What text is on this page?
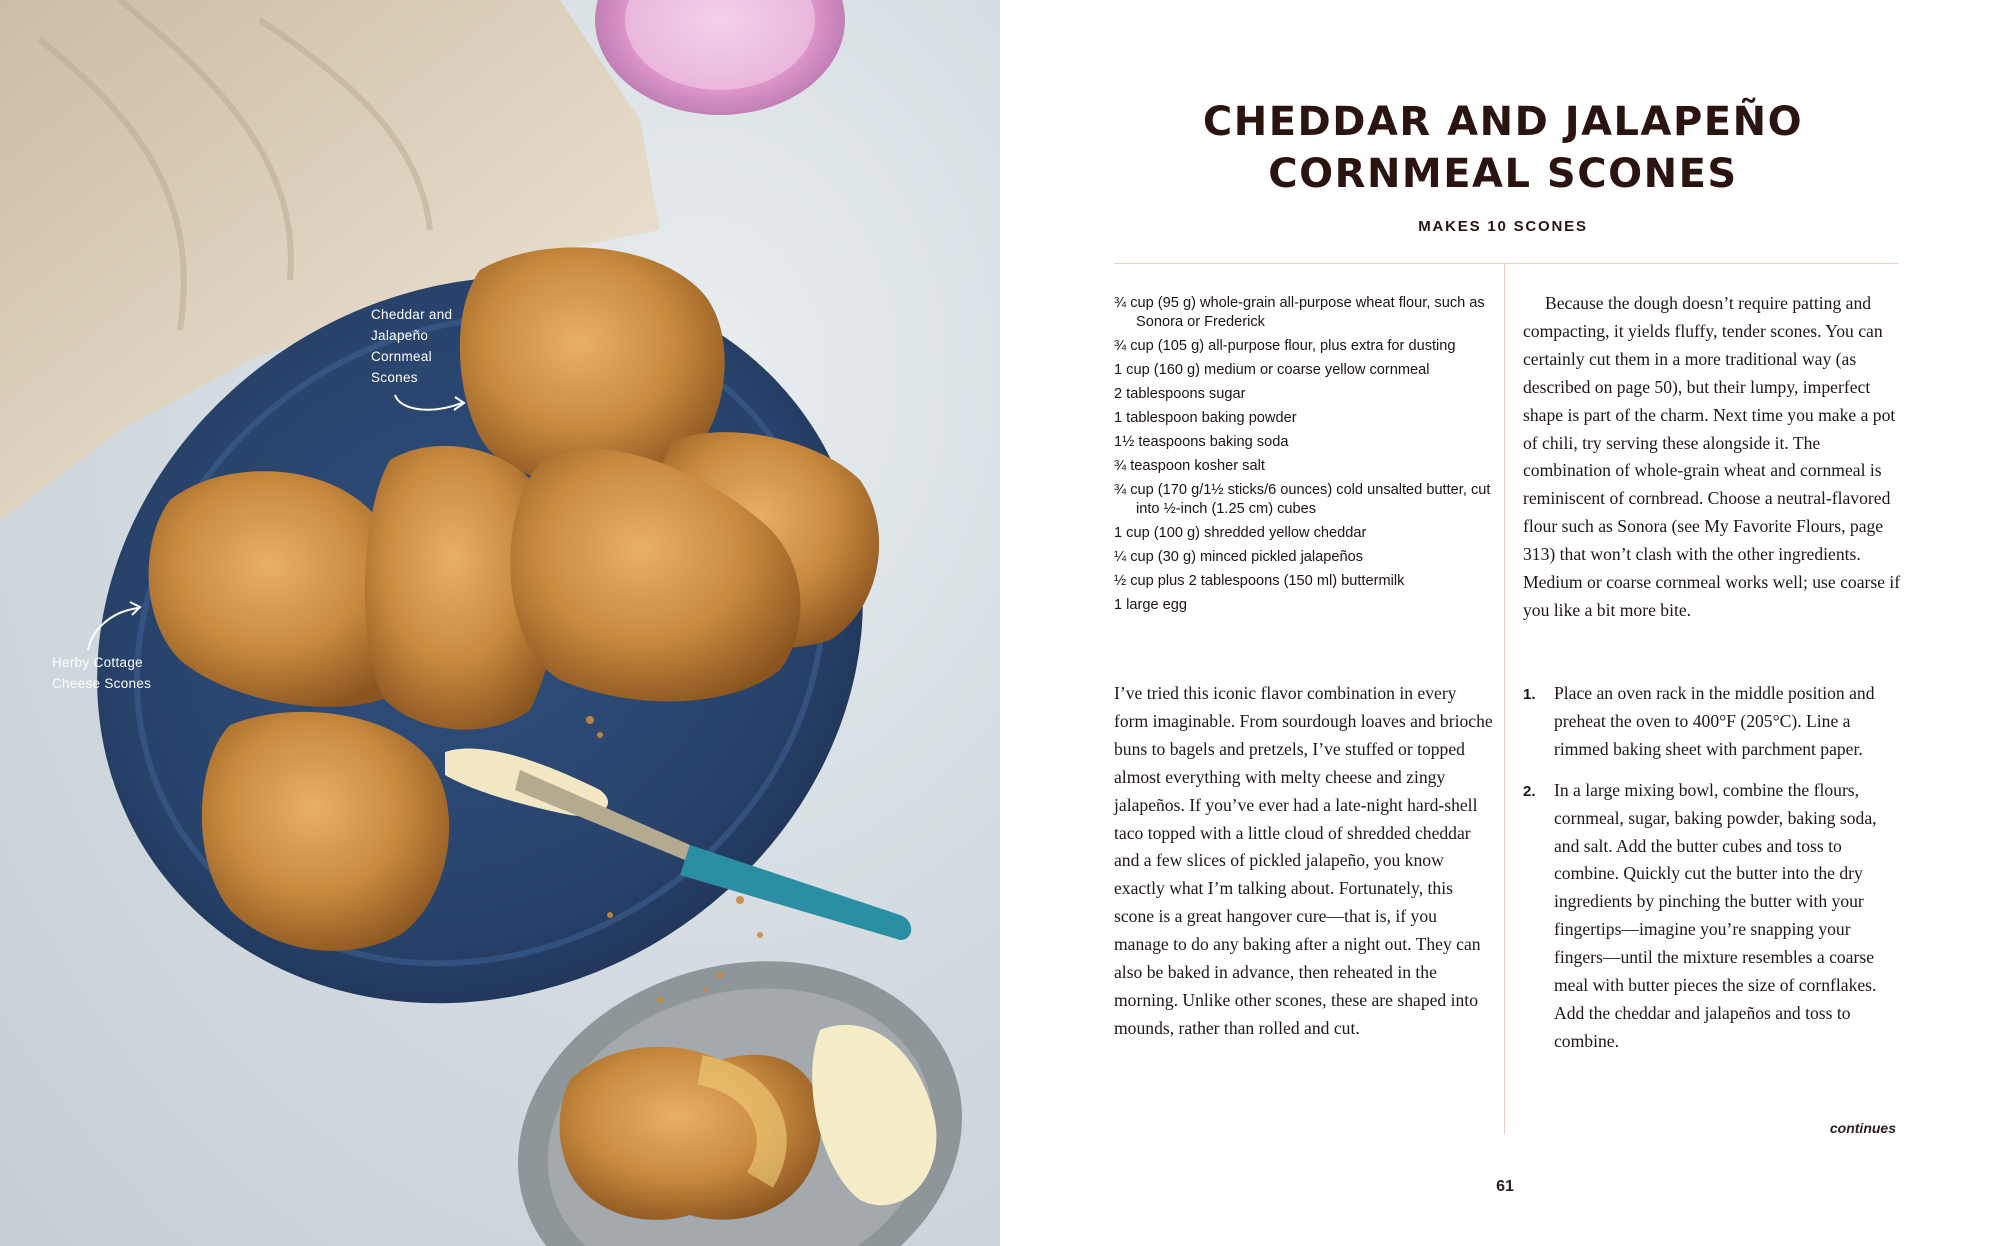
Cheddar and
Jalapeño
Cornmeal
Scones
Herby Cottage
Cheese Scones
CHEDDAR AND JALAPEÑO
CORNMEAL SCONES
MAKES 10 SCONES
¾ cup (95 g) whole-grain all-purpose wheat flour, such as Sonora or Frederick
¾ cup (105 g) all-purpose flour, plus extra for dusting
1 cup (160 g) medium or coarse yellow cornmeal
2 tablespoons sugar
1 tablespoon baking powder
1½ teaspoons baking soda
¾ teaspoon kosher salt
¾ cup (170 g/1½ sticks/6 ounces) cold unsalted butter, cut into ½-inch (1.25 cm) cubes
1 cup (100 g) shredded yellow cheddar
¼ cup (30 g) minced pickled jalapeños
½ cup plus 2 tablespoons (150 ml) buttermilk
1 large egg

I’ve tried this iconic flavor combination in every form imaginable. From sourdough loaves and brioche buns to bagels and pretzels, I’ve stuffed or topped almost everything with melty cheese and zingy jalapeños. If you’ve ever had a late-night hard-shell taco topped with a little cloud of shredded cheddar and a few slices of pickled jalapeño, you know exactly what I’m talking about. Fortunately, this scone is a great hangover cure—that is, if you manage to do any baking after a night out. They can also be baked in advance, then reheated in the morning. Unlike other scones, these are shaped into mounds, rather than rolled and cut.

Because the dough doesn’t require patting and compacting, it yields fluffy, tender scones. You can certainly cut them in a more traditional way (as described on page 50), but their lumpy, imperfect shape is part of the charm. Next time you make a pot of chili, try serving these alongside it. The combination of whole-grain wheat and cornmeal is reminiscent of cornbread. Choose a neutral-flavored flour such as Sonora (see My Favorite Flours, page 313) that won’t clash with the other ingredients. Medium or coarse cornmeal works well; use coarse if you like a bit more bite.

1. Place an oven rack in the middle position and preheat the oven to 400°F (205°C). Line a rimmed baking sheet with parchment paper.
2. In a large mixing bowl, combine the flours, cornmeal, sugar, baking powder, baking soda, and salt. Add the butter cubes and toss to combine. Quickly cut the butter into the dry ingredients by pinching the butter with your fingertips—imagine you’re snapping your fingers—until the mixture resembles a coarse meal with butter pieces the size of cornflakes. Add the cheddar and jalapeños and toss to combine.
continues
61
